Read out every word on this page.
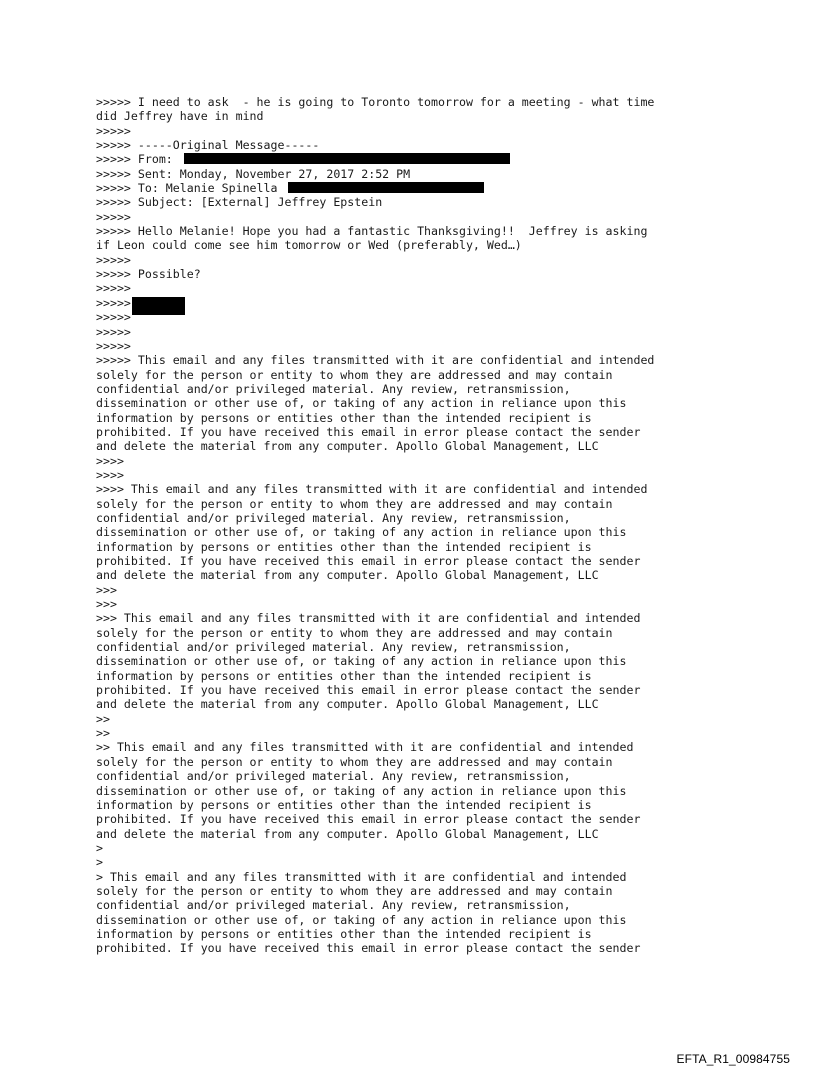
>>>>> I need to ask  - he is going to Toronto tomorrow for a meeting - what time
did Jeffrey have in mind
>>>>>
>>>>> -----Original Message-----
>>>>> From:
>>>>> Sent: Monday, November 27, 2017 2:52 PM
>>>>> To: Melanie Spinella
>>>>> Subject: [External] Jeffrey Epstein
>>>>>
>>>>> Hello Melanie! Hope you had a fantastic Thanksgiving!!  Jeffrey is asking
if Leon could come see him tomorrow or Wed (preferably, Wed…)
>>>>>
>>>>> Possible?
>>>>>
>>>>>
>>>>>
>>>>>
>>>>>
>>>>> This email and any files transmitted with it are confidential and intended
solely for the person or entity to whom they are addressed and may contain
confidential and/or privileged material. Any review, retransmission,
dissemination or other use of, or taking of any action in reliance upon this
information by persons or entities other than the intended recipient is
prohibited. If you have received this email in error please contact the sender
and delete the material from any computer. Apollo Global Management, LLC
>>>>
>>>>
>>>> This email and any files transmitted with it are confidential and intended
solely for the person or entity to whom they are addressed and may contain
confidential and/or privileged material. Any review, retransmission,
dissemination or other use of, or taking of any action in reliance upon this
information by persons or entities other than the intended recipient is
prohibited. If you have received this email in error please contact the sender
and delete the material from any computer. Apollo Global Management, LLC
>>>
>>>
>>> This email and any files transmitted with it are confidential and intended
solely for the person or entity to whom they are addressed and may contain
confidential and/or privileged material. Any review, retransmission,
dissemination or other use of, or taking of any action in reliance upon this
information by persons or entities other than the intended recipient is
prohibited. If you have received this email in error please contact the sender
and delete the material from any computer. Apollo Global Management, LLC
>>
>>
>> This email and any files transmitted with it are confidential and intended
solely for the person or entity to whom they are addressed and may contain
confidential and/or privileged material. Any review, retransmission,
dissemination or other use of, or taking of any action in reliance upon this
information by persons or entities other than the intended recipient is
prohibited. If you have received this email in error please contact the sender
and delete the material from any computer. Apollo Global Management, LLC
>
>
> This email and any files transmitted with it are confidential and intended
solely for the person or entity to whom they are addressed and may contain
confidential and/or privileged material. Any review, retransmission,
dissemination or other use of, or taking of any action in reliance upon this
information by persons or entities other than the intended recipient is
prohibited. If you have received this email in error please contact the sender
EFTA_R1_00984755
